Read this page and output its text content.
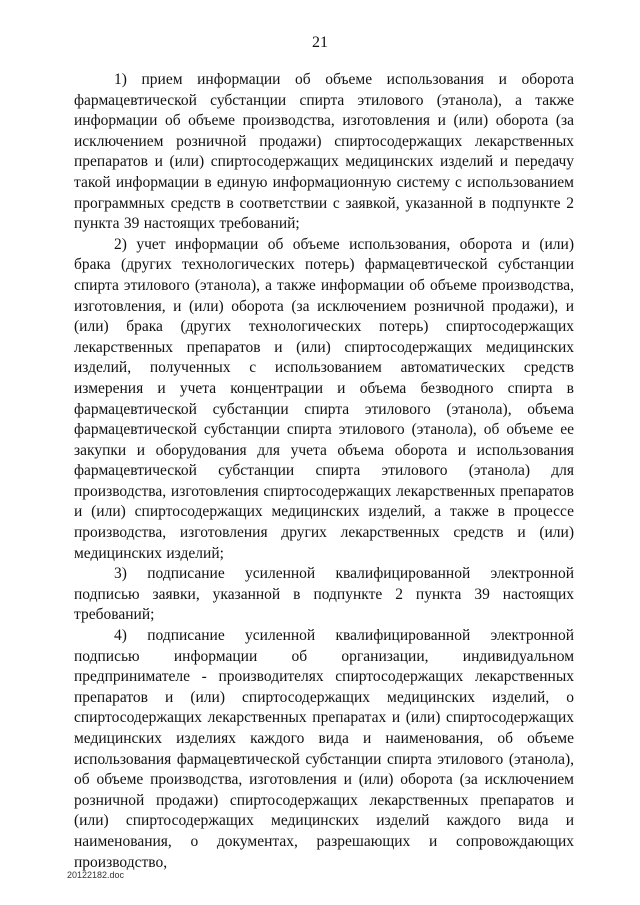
21

1) прием информации об объеме использования и оборота фармацевтической субстанции спирта этилового (этанола), а также информации об объеме производства, изготовления и (или) оборота (за исключением розничной продажи) спиртосодержащих лекарственных препаратов и (или) спиртосодержащих медицинских изделий и передачу такой информации в единую информационную систему с использованием программных средств в соответствии с заявкой, указанной в подпункте 2 пункта 39 настоящих требований;

2) учет информации об объеме использования, оборота и (или) брака (других технологических потерь) фармацевтической субстанции спирта этилового (этанола), а также информации об объеме производства, изготовления, и (или) оборота (за исключением розничной продажи), и (или) брака (других технологических потерь) спиртосодержащих лекарственных препаратов и (или) спиртосодержащих медицинских изделий, полученных с использованием автоматических средств измерения и учета концентрации и объема безводного спирта в фармацевтической субстанции спирта этилового (этанола), объема фармацевтической субстанции спирта этилового (этанола), об объеме ее закупки и оборудования для учета объема оборота и использования фармацевтической субстанции спирта этилового (этанола) для производства, изготовления спиртосодержащих лекарственных препаратов и (или) спиртосодержащих медицинских изделий, а также в процессе производства, изготовления других лекарственных средств и (или) медицинских изделий;

3) подписание усиленной квалифицированной электронной подписью заявки, указанной в подпункте 2 пункта 39 настоящих требований;

4) подписание усиленной квалифицированной электронной подписью информации об организации, индивидуальном предпринимателе - производителях спиртосодержащих лекарственных препаратов и (или) спиртосодержащих медицинских изделий, о спиртосодержащих лекарственных препаратах и (или) спиртосодержащих медицинских изделиях каждого вида и наименования, об объеме использования фармацевтической субстанции спирта этилового (этанола), об объеме производства, изготовления и (или) оборота (за исключением розничной продажи) спиртосодержащих лекарственных препаратов и (или) спиртосодержащих медицинских изделий каждого вида и наименования, о документах, разрешающих и сопровождающих производство,

20122182.doc
